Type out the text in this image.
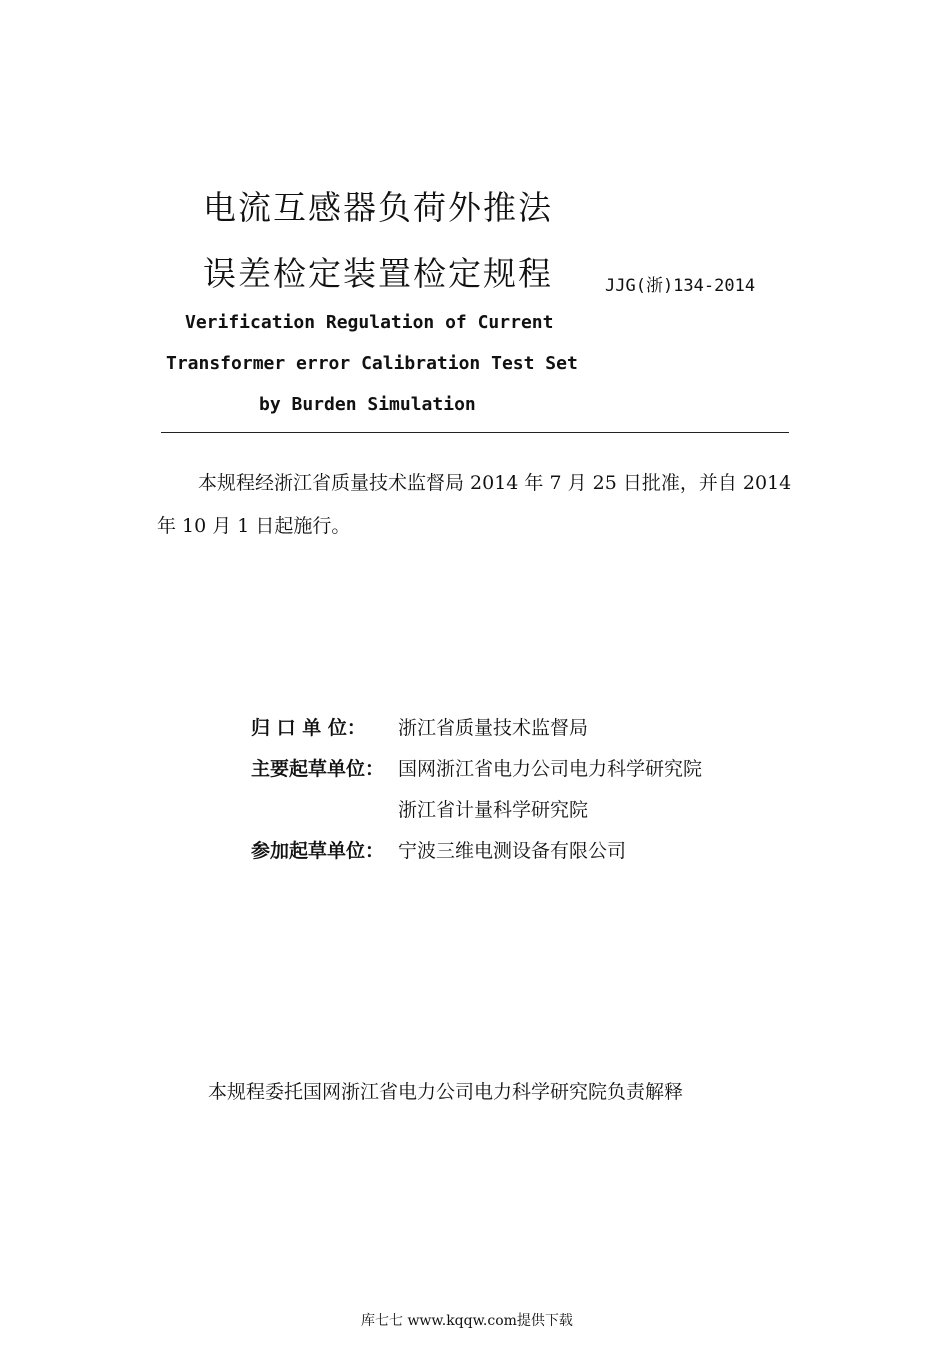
电流互感器负荷外推法
误差检定装置检定规程	JJG(浙)134-2014
Verification Regulation of Current
Transformer error Calibration Test Set
by Burden Simulation
本规程经浙江省质量技术监督局 2014 年 7 月 25 日批准，并自 2014
年 10 月 1 日起施行。
归 口 单 位： 浙江省质量技术监督局
主要起草单位： 国网浙江省电力公司电力科学研究院
浙江省计量科学研究院
参加起草单位： 宁波三维电测设备有限公司
本规程委托国网浙江省电力公司电力科学研究院负责解释
库七七 www.kqqw.com提供下载
